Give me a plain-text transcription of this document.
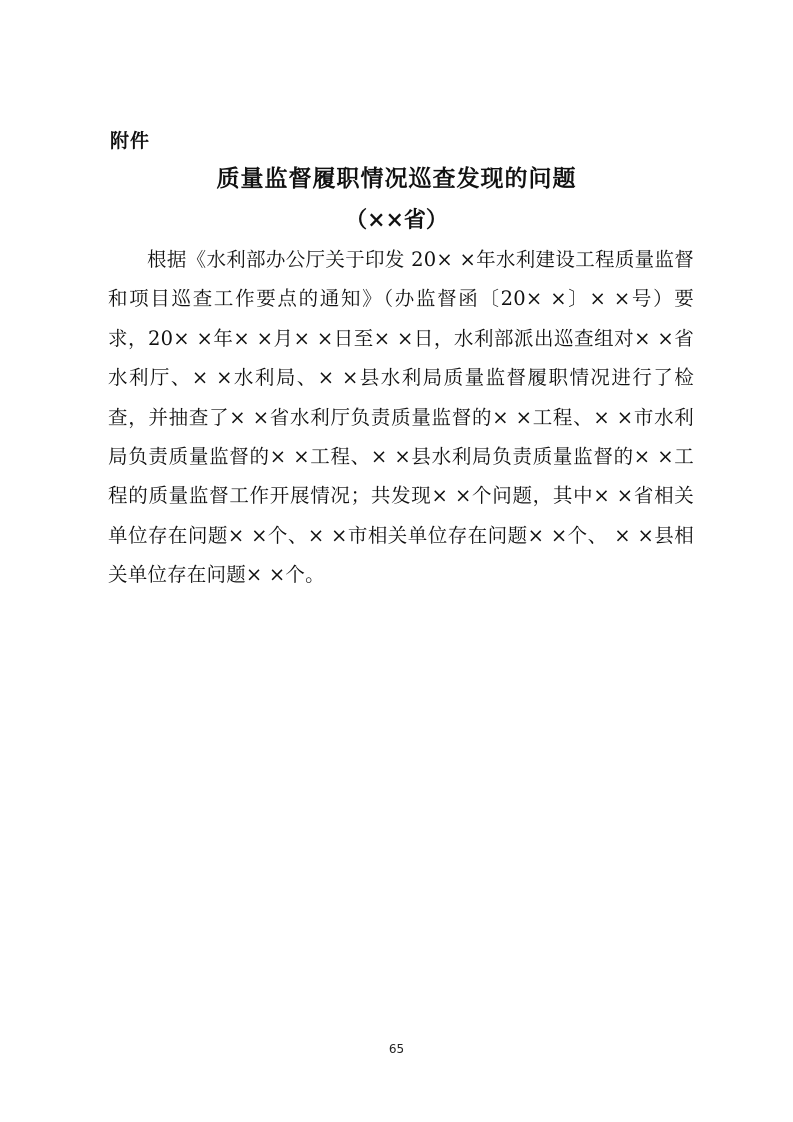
附件
质量监督履职情况巡查发现的问题
（××省）

根据《水利部办公厅关于印发 20× ×年水利建设工程质量监督和项目巡查工作要点的通知》（办监督函〔20× ×〕× ×号）要求，20× ×年× ×月× ×日至× ×日，水利部派出巡查组对× ×省水利厅、× ×水利局、× ×县水利局质量监督履职情况进行了检查，并抽查了× ×省水利厅负责质量监督的× ×工程、× ×市水利局负责质量监督的× ×工程、× ×县水利局负责质量监督的× ×工程的质量监督工作开展情况；共发现× ×个问题，其中× ×省相关单位存在问题× ×个、× ×市相关单位存在问题× ×个、 × ×县相关单位存在问题× ×个。

65
